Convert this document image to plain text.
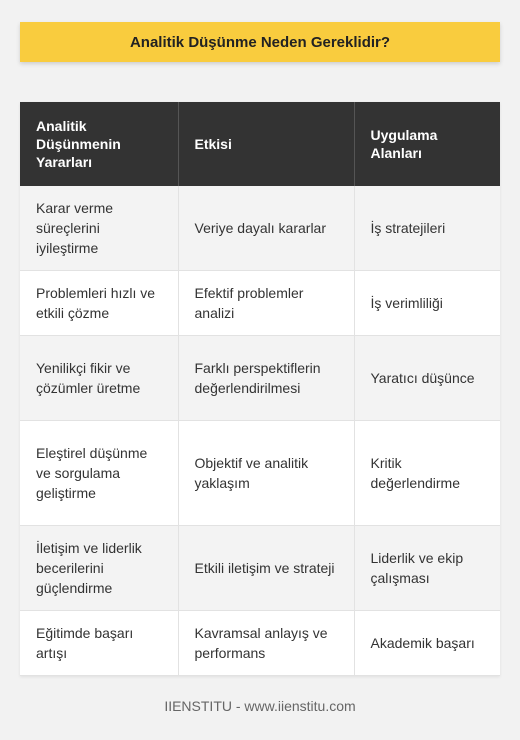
Analitik Düşünme Neden Gereklidir?
Analitik Düşünmenin Yararları	Etkisi	Uygulama Alanları
Karar verme süreçlerini iyileştirme	Veriye dayalı kararlar	İş stratejileri
Problemleri hızlı ve etkili çözme	Efektif problemler analizi	İş verimliliği
Yenilikçi fikir ve çözümler üretme	Farklı perspektiflerin değerlendirilmesi	Yaratıcı düşünce
Eleştirel düşünme ve sorgulama geliştirme	Objektif ve analitik yaklaşım	Kritik değerlendirme
İletişim ve liderlik becerilerini güçlendirme	Etkili iletişim ve strateji	Liderlik ve ekip çalışması
Eğitimde başarı artışı	Kavramsal anlayış ve performans	Akademik başarı
IIENSTITU - www.iienstitu.com
